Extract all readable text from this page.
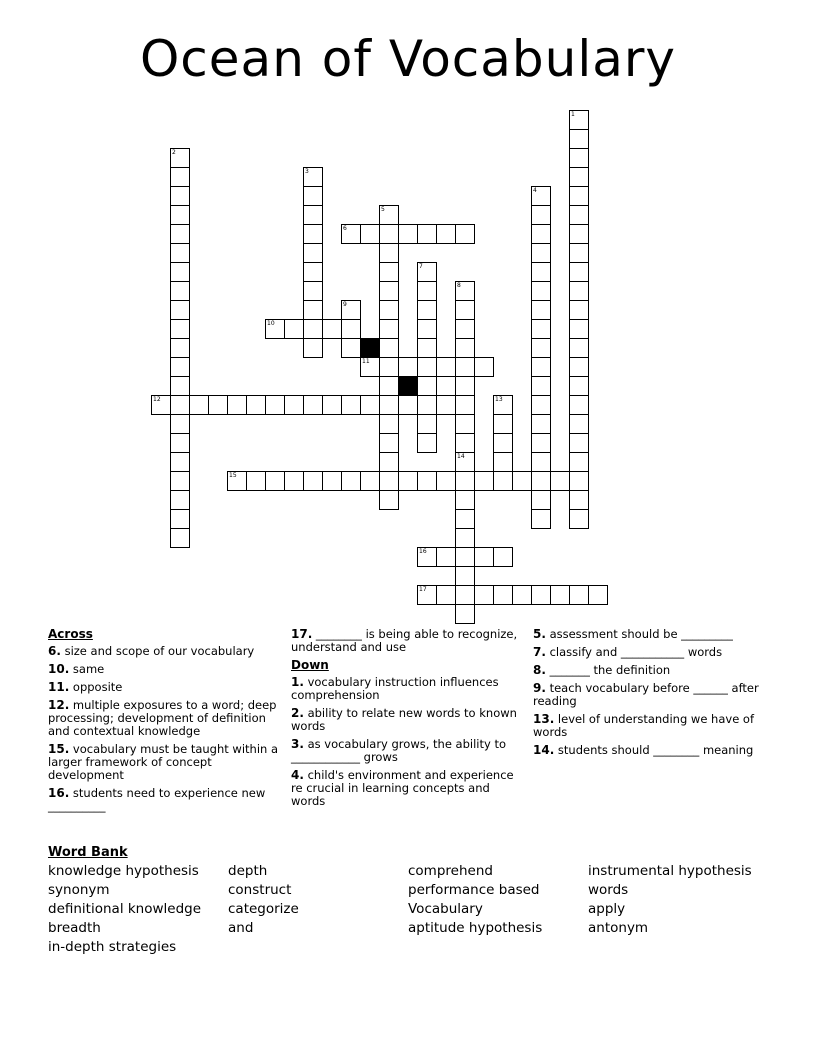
Ocean of Vocabulary
1
2
3
4
5
6
7
8
9
10
11
12	13
14
15
16
17
Across
6. size and scope of our vocabulary
10. same
11. opposite
12. multiple exposures to a word; deep processing; development of definition and contextual knowledge
15. vocabulary must be taught within a larger framework of concept development
16. students need to experience new __________
17. ________ is being able to recognize, understand and use
Down
1. vocabulary instruction influences comprehension
2. ability to relate new words to known words
3. as vocabulary grows, the ability to ____________ grows
4. child's environment and experience re crucial in learning concepts and words
5. assessment should be _________
7. classify and ___________ words
8. _______ the definition
9. teach vocabulary before ______ after reading
13. level of understanding we have of words
14. students should ________ meaning
Word Bank
knowledge hypothesis	depth	comprehend	instrumental hypothesis
synonym	construct	performance based	words
definitional knowledge	categorize	Vocabulary	apply
breadth	and	aptitude hypothesis	antonym
in-depth strategies
